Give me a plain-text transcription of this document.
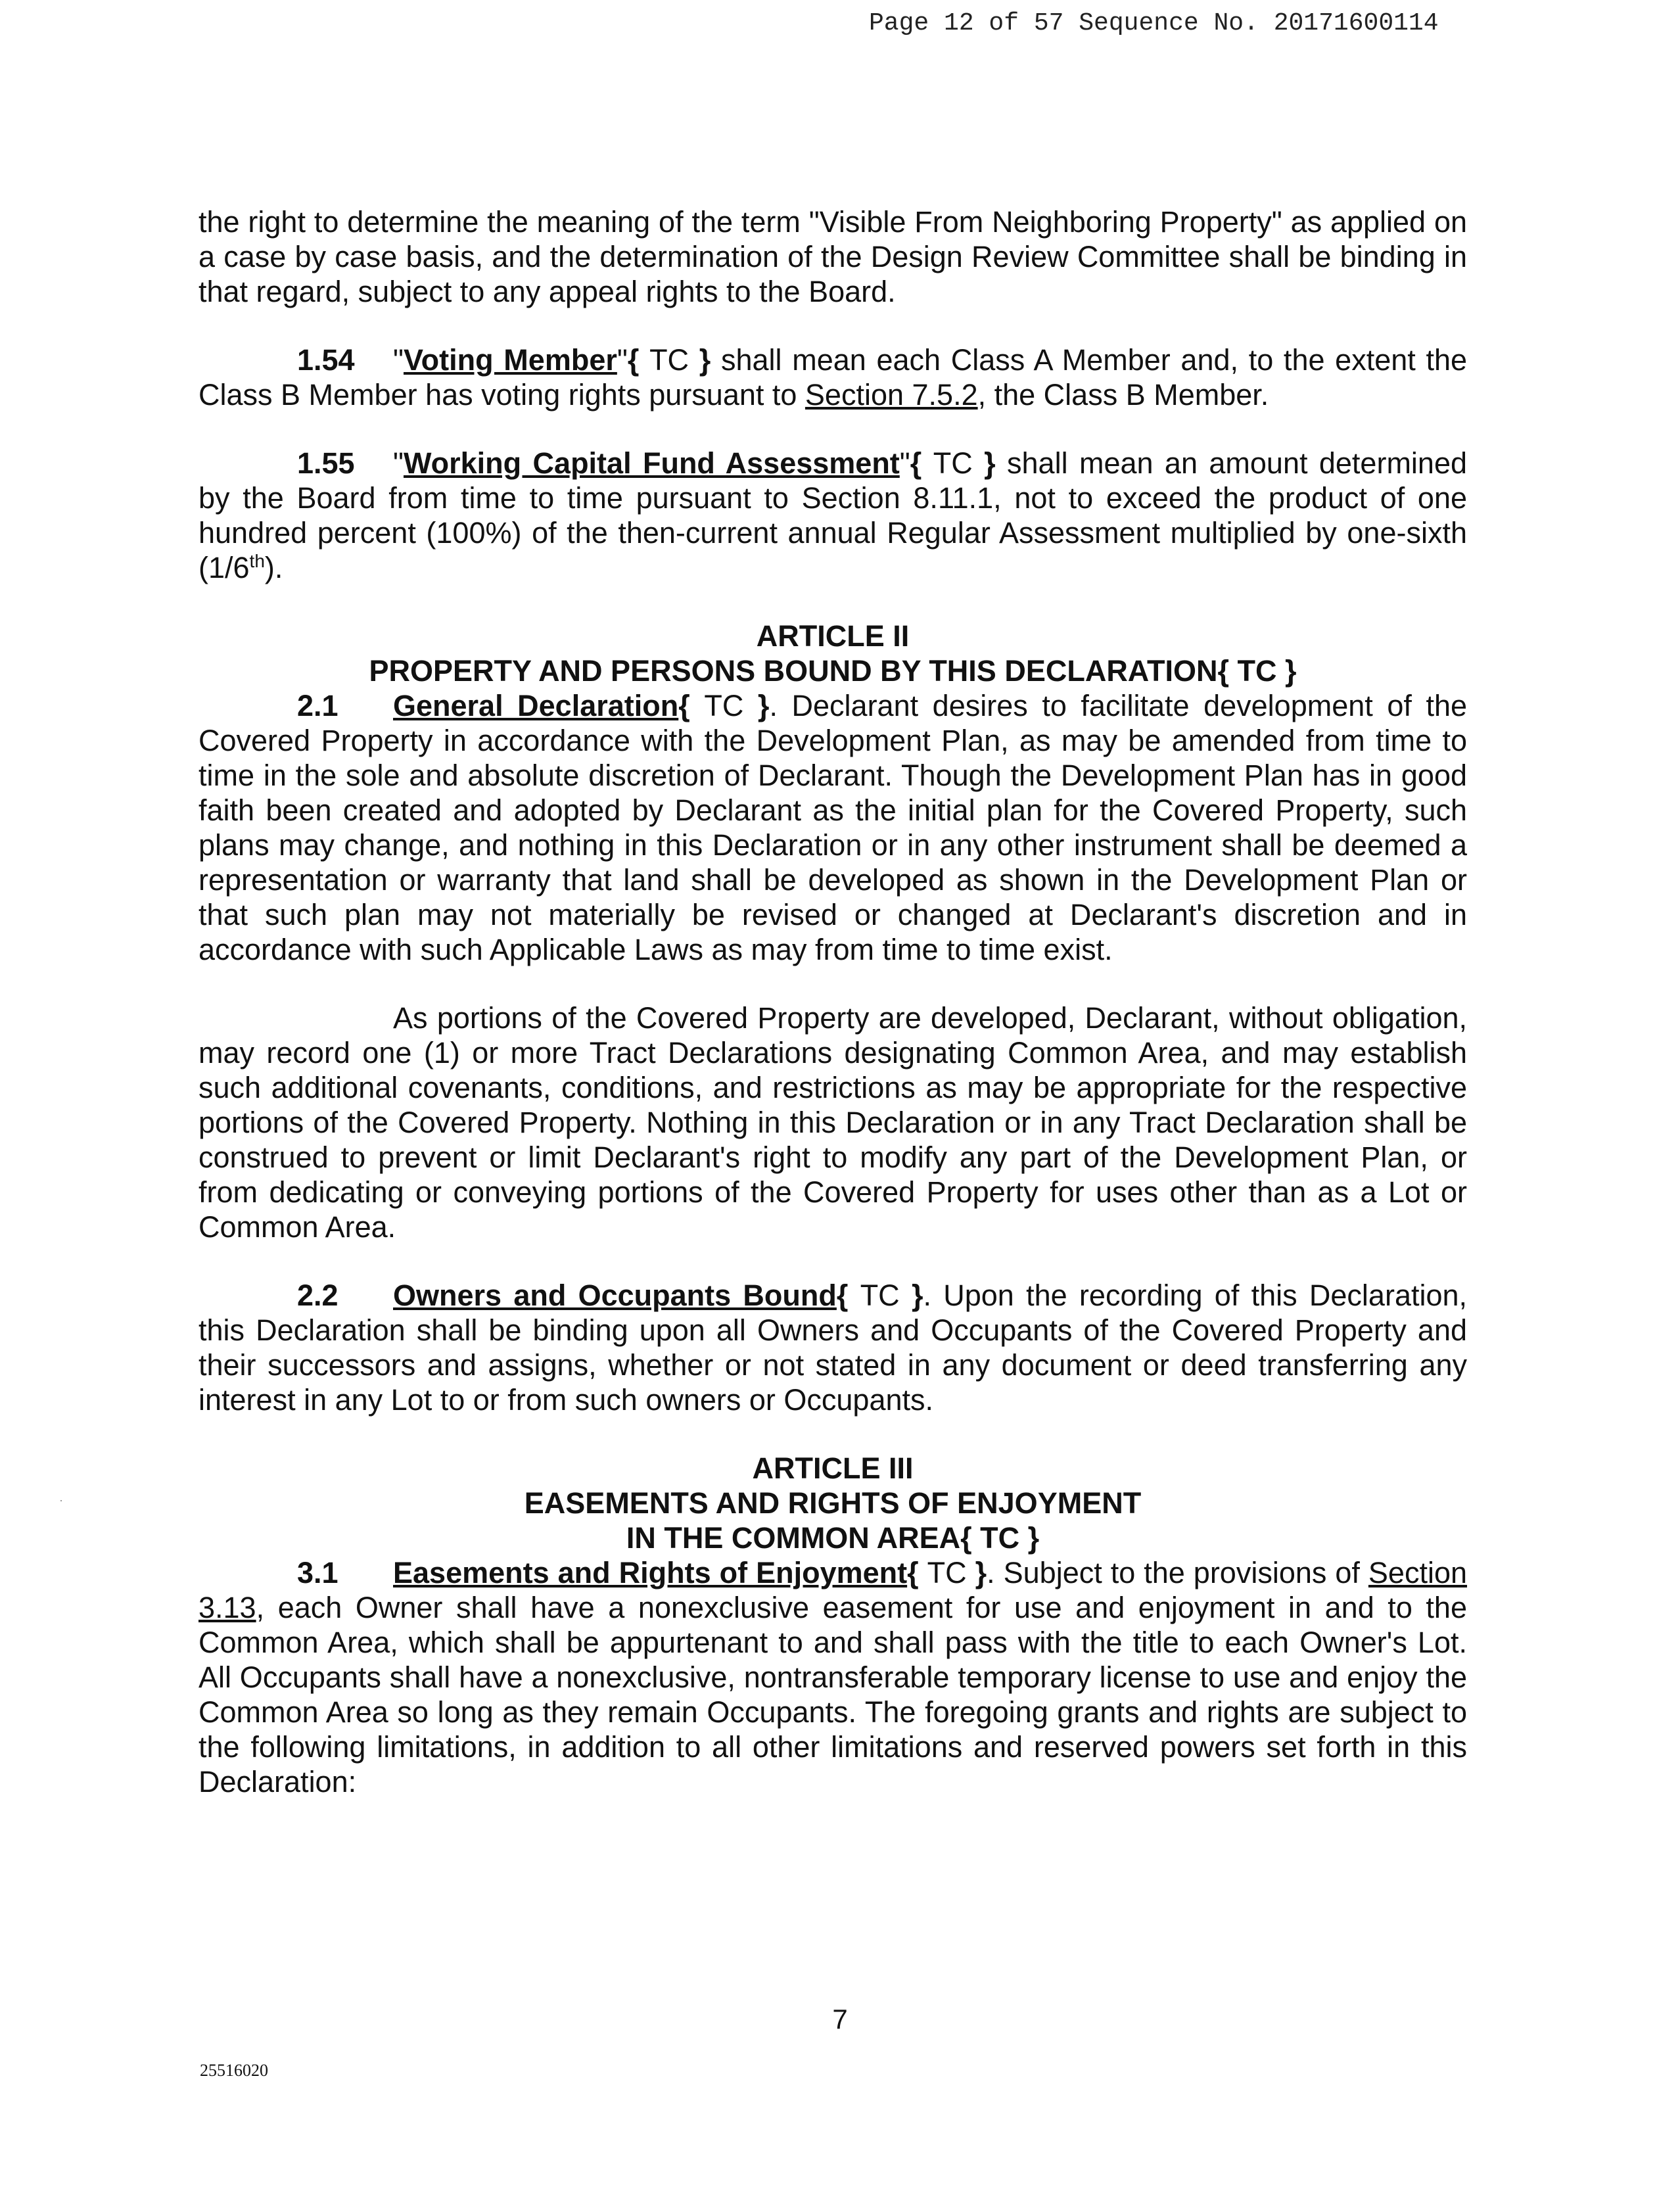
Page 12 of 57 Sequence No. 20171600114

the right to determine the meaning of the term "Visible From Neighboring Property" as applied on a case by case basis, and the determination of the Design Review Committee shall be binding in that regard, subject to any appeal rights to the Board.

1.54 "Voting Member"{ TC } shall mean each Class A Member and, to the extent the Class B Member has voting rights pursuant to Section 7.5.2, the Class B Member.

1.55 "Working Capital Fund Assessment"{ TC } shall mean an amount determined by the Board from time to time pursuant to Section 8.11.1, not to exceed the product of one hundred percent (100%) of the then-current annual Regular Assessment multiplied by one-sixth (1/6th).

ARTICLE II

PROPERTY AND PERSONS BOUND BY THIS DECLARATION{ TC }

2.1 General Declaration{ TC }. Declarant desires to facilitate development of the Covered Property in accordance with the Development Plan, as may be amended from time to time in the sole and absolute discretion of Declarant. Though the Development Plan has in good faith been created and adopted by Declarant as the initial plan for the Covered Property, such plans may change, and nothing in this Declaration or in any other instrument shall be deemed a representation or warranty that land shall be developed as shown in the Development Plan or that such plan may not materially be revised or changed at Declarant's discretion and in accordance with such Applicable Laws as may from time to time exist.

As portions of the Covered Property are developed, Declarant, without obligation, may record one (1) or more Tract Declarations designating Common Area, and may establish such additional covenants, conditions, and restrictions as may be appropriate for the respective portions of the Covered Property. Nothing in this Declaration or in any Tract Declaration shall be construed to prevent or limit Declarant's right to modify any part of the Development Plan, or from dedicating or conveying portions of the Covered Property for uses other than as a Lot or Common Area.

2.2 Owners and Occupants Bound{ TC }. Upon the recording of this Declaration, this Declaration shall be binding upon all Owners and Occupants of the Covered Property and their successors and assigns, whether or not stated in any document or deed transferring any interest in any Lot to or from such owners or Occupants.

ARTICLE III

EASEMENTS AND RIGHTS OF ENJOYMENT

IN THE COMMON AREA{ TC }

3.1 Easements and Rights of Enjoyment{ TC }. Subject to the provisions of Section 3.13, each Owner shall have a nonexclusive easement for use and enjoyment in and to the Common Area, which shall be appurtenant to and shall pass with the title to each Owner's Lot. All Occupants shall have a nonexclusive, nontransferable temporary license to use and enjoy the Common Area so long as they remain Occupants. The foregoing grants and rights are subject to the following limitations, in addition to all other limitations and reserved powers set forth in this Declaration:

7
25516020
